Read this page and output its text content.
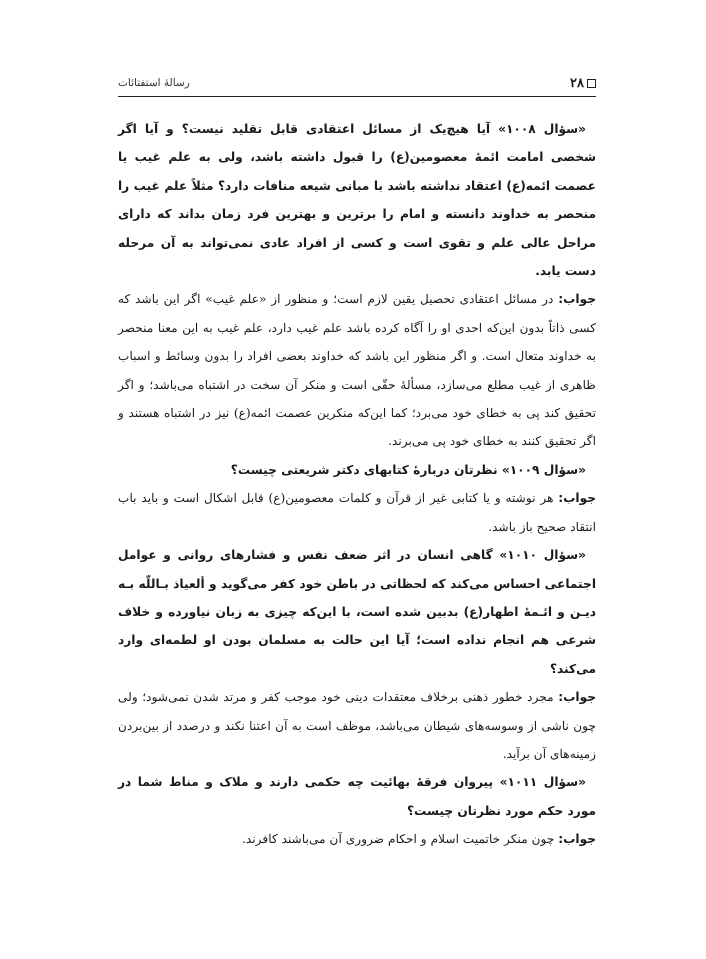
۲۸
رسالهٔ استفتائات

«سؤال ۱۰۰۸» آیا هیچ‌یک از مسائل اعتقادی قابل تقلید نیست؟ و آیا اگر شخصی امامت ائمهٔ معصومین(ع) را قبول داشته باشد، ولی به علم غیب یا عصمت ائمه(ع) اعتقاد نداشته باشد با مبانی شیعه منافات دارد؟ مثلاً علم غیب را منحصر به خداوند دانسته و امام را برترین و بهترین فرد زمان بداند که دارای مراحل عالی علم و تقوی است و کسی از افراد عادی نمی‌تواند به آن مرحله دست یابد.

جواب: در مسائل اعتقادی تحصیل یقین لازم است؛ و منظور از «علم غیب» اگر این باشد که کسی ذاتاً بدون این‌که احدی او را آگاه کرده باشد علم غیب دارد، علم غیب به این معنا منحصر به خداوند متعال است. و اگر منظور این باشد که خداوند بعضی افراد را بدون وسائط و اسباب ظاهری از غیب مطلع می‌سازد، مسألهٔ حقّی است و منکر آن سخت در اشتباه می‌باشد؛ و اگر تحقیق کند پی به خطای خود می‌برد؛ کما این‌که منکرین عصمت ائمه(ع) نیز در اشتباه هستند و اگر تحقیق کنند به خطای خود پی می‌برند.

«سؤال ۱۰۰۹» نظرتان دربارهٔ کتابهای دکتر شریعتی چیست؟

جواب: هر نوشته و یا کتابی غیر از قرآن و کلمات معصومین(ع) قابل اشکال است و باید باب انتقاد صحیح باز باشد.

«سؤال ۱۰۱۰» گاهی انسان در اثر ضعف نفس و فشارهای روانی و عوامل اجتماعی احساس می‌کند که لحظاتی در باطن خود کفر می‌گوید و ألعیاذ بـاللّه بـه دیـن و ائـمهٔ اطهار(ع) بدبین شده است، با این‌که چیزی به زبان نیاورده و خلاف شرعی هم انجام نداده است؛ آیا این حالت به مسلمان بودن او لطمه‌ای وارد می‌کند؟

جواب: مجرد خطور ذهنی برخلاف معتقدات دینی خود موجب کفر و مرتد شدن نمی‌شود؛ ولی چون ناشی از وسوسه‌های شیطان می‌باشد، موظف است به آن اعتنا نکند و درصدد از بین‌بردن زمینه‌های آن برآید.

«سؤال ۱۰۱۱» پیروان فرقهٔ بهائیت چه حکمی دارند و ملاک و مناط شما در مورد حکم مورد نظرتان چیست؟

جواب: چون منکر خاتمیت اسلام و احکام ضروری آن می‌باشند کافرند.
